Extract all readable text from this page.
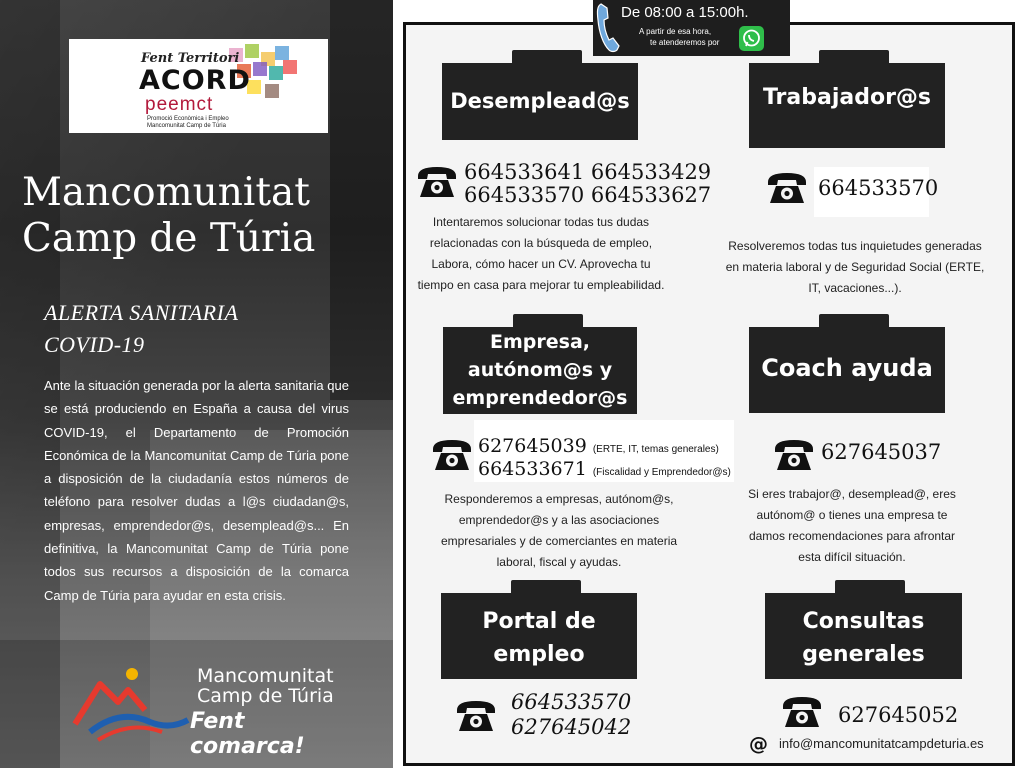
Fent Territori
ACORD
peemct
Promoció Econòmica i Empleo
Mancomunitat Camp de Túria
Mancomunitat
Camp de Túria
ALERTA SANITARIA
COVID-19

Ante la situación generada por la alerta sanitaria que se está produciendo en España a causa del virus COVID-19, el Departamento de Promoción Económica de la Mancomunitat Camp de Túria pone a disposición de la ciudadanía estos números de teléfono para resolver dudas a l@s ciudadan@s, empresas, emprendedor@s, desemplead@s... En definitiva, la Mancomunitat Camp de Túria pone todos sus recursos a disposición de la comarca Camp de Túria para ayudar en esta crisis.

Mancomunitat
Camp de Túria
Fent comarca!
De 08:00 a 15:00h.
A partir de esa hora,
te atenderemos por
Desemplead@s
664533641 664533429
664533570 664533627
Intentaremos solucionar todas tus dudas relacionadas con la búsqueda de empleo, Labora, cómo hacer un CV. Aprovecha tu tiempo en casa para mejorar tu empleabilidad.
Trabajador@s
664533570
Resolveremos todas tus inquietudes generadas en materia laboral y de Seguridad Social (ERTE, IT, vacaciones...).
Empresa,
autónom@s y
emprendedor@s
627645039 (ERTE, IT, temas generales)
664533671 (Fiscalidad y Emprendedor@s)
Responderemos a empresas, autónom@s, emprendedor@s y a las asociaciones empresariales y de comerciantes en materia laboral, fiscal y ayudas.
Coach ayuda
627645037
Si eres trabajor@, desemplead@, eres autónom@ o tienes una empresa te damos recomendaciones para afrontar esta difícil situación.
Portal de
empleo
664533570
627645042
Consultas
generales
627645052
@ info@mancomunitatcampdeturia.es
